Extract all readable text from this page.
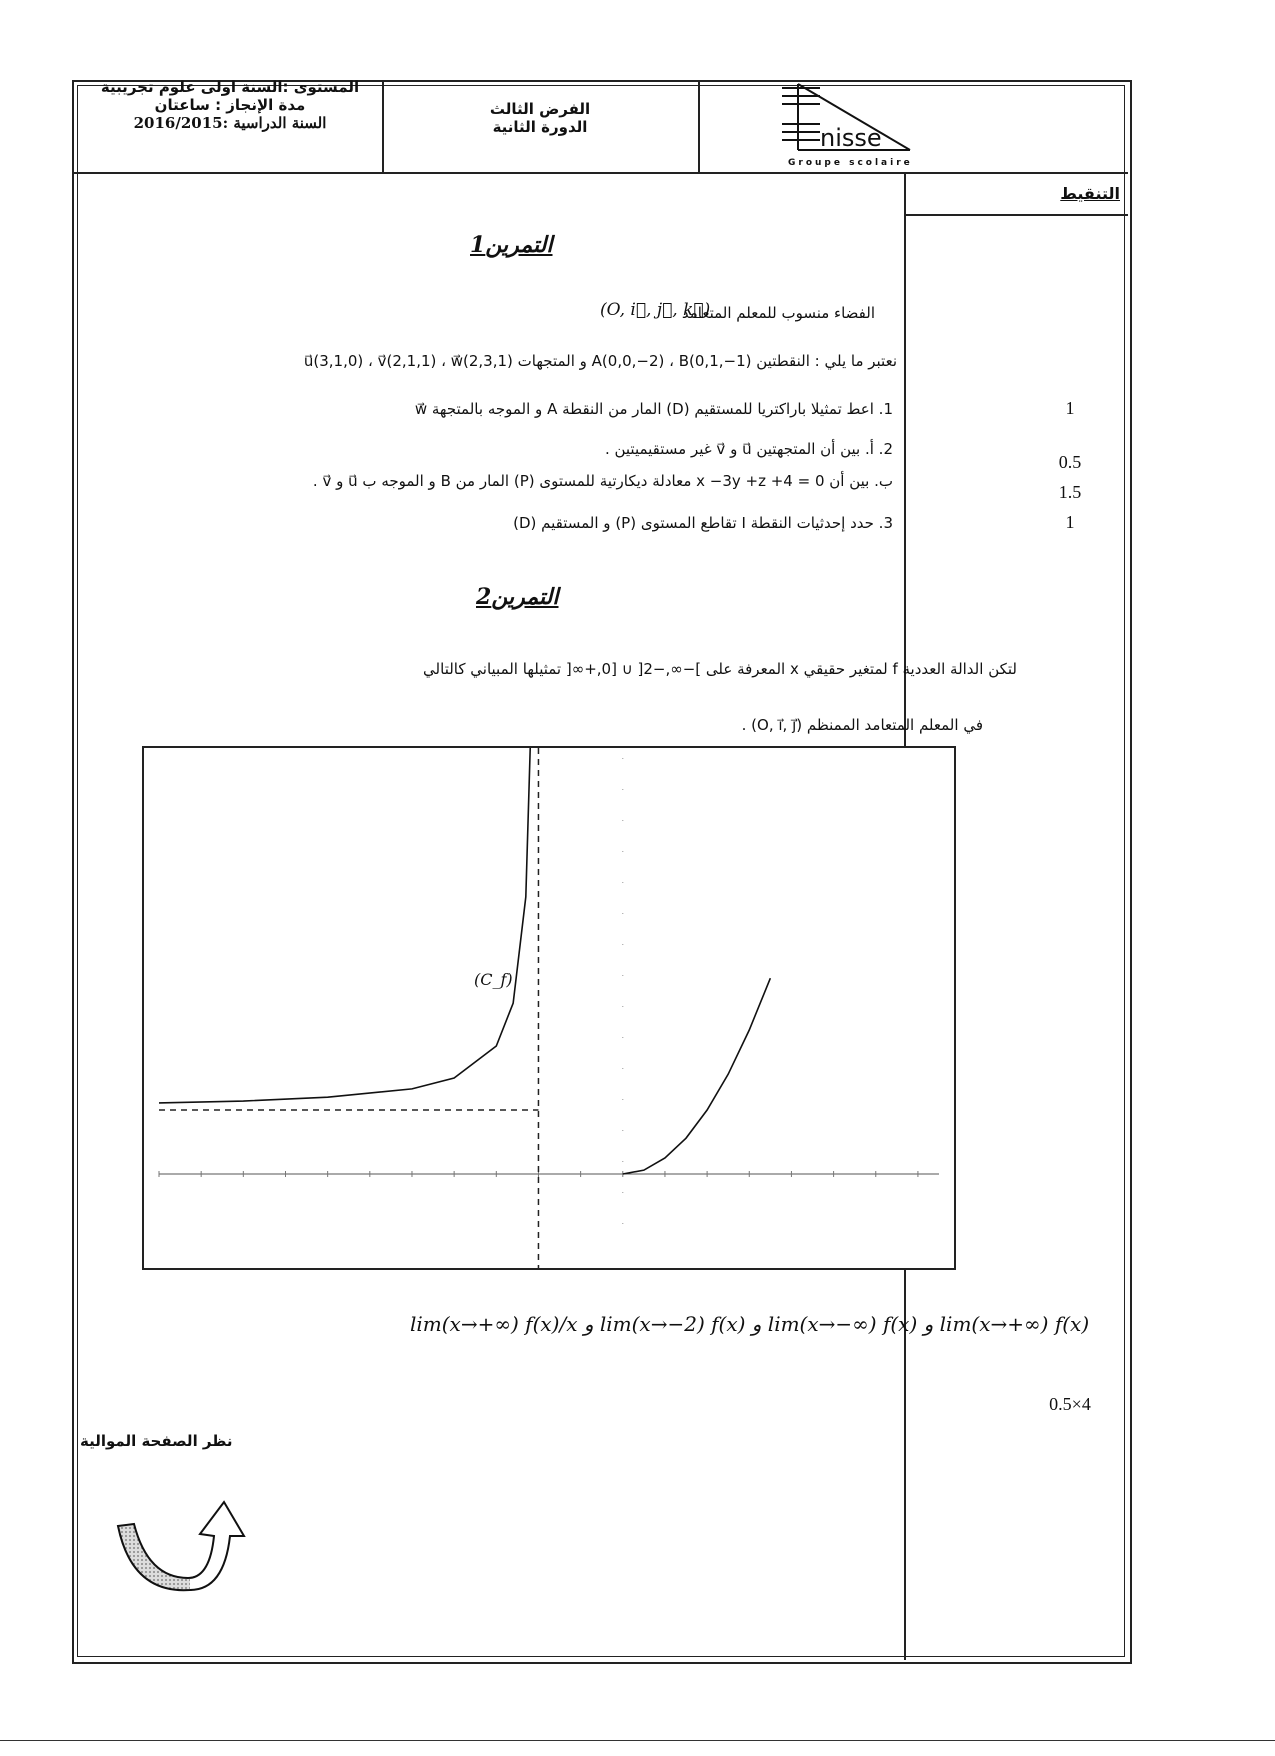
المستوى :السنة اولى علوم تجريبية
مدة الإنجاز : ساعتان
السنة الدراسية :2016/2015
الفرض الثالث
الدورة الثانية	nisse
Groupe scolaire
التنقيط
التمرين1
الفضاء منسوب للمعلم المتعامد
(O, i⃗, j⃗, k⃗)
نعتبر ما يلي : النقطتين A(0,0,−2) ، B(0,1,−1) و المتجهات u⃗(3,1,0) ، v⃗(2,1,1) ، w⃗(2,3,1)
1. اعط تمثيلا باراكتريا للمستقيم (D) المار من النقطة A و الموجه بالمتجهة w⃗
2. أ. بين أن المتجهتين u⃗ و v⃗ غير مستقيميتين .
ب. بين أن x −3y +z +4 = 0 معادلة ديكارتية للمستوى (P) المار من B و الموجه ب u⃗ و v⃗ .
3. حدد إحدثيات النقطة I تقاطع المستوى (P) و المستقيم (D)
1
0.5
1.5
1
التمرين2
لتكن الدالة العددية f لمتغير حقيقي x المعرفة على ]−∞,−2[ ∪ [0,+∞[ تمثيلها المبياني كالتالي
في المعلم المتعامد الممنظم (O, i⃗, j⃗) .
(C_f)
lim(x→+∞) f(x)/x و lim(x→−2) f(x) و lim(x→−∞) f(x) و lim(x→+∞) f(x)
0.5×4
نظر الصفحة الموالية
